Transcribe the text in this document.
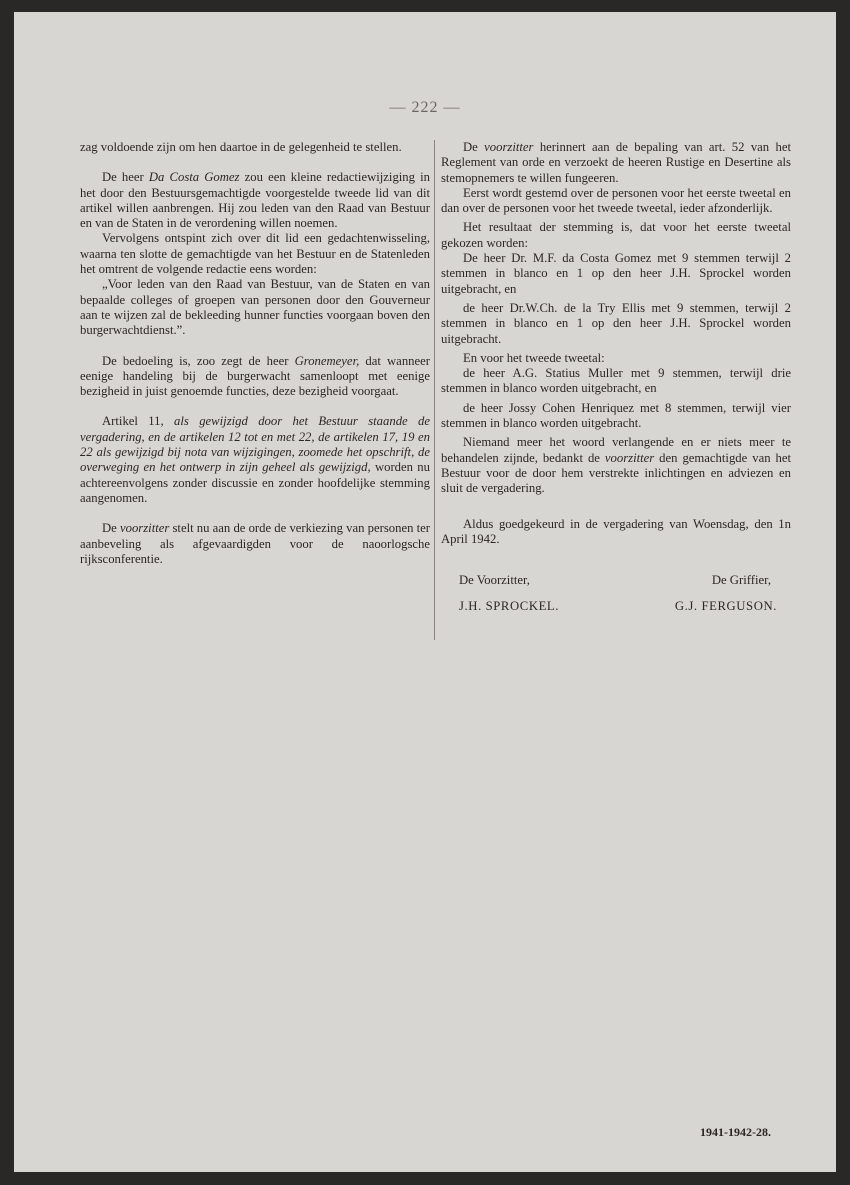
— 222 —

zag voldoende zijn om hen daartoe in de gelegenheid te stellen.

De heer Da Costa Gomez zou een kleine redactiewijziging in het door den Bestuursgemachtigde voorgestelde tweede lid van dit artikel willen aanbrengen. Hij zou leden van den Raad van Bestuur en van de Staten in de verordening willen noemen.

Vervolgens ontspint zich over dit lid een gedachtenwisseling, waarna ten slotte de gemachtigde van het Bestuur en de Statenleden het omtrent de volgende redactie eens worden:

„Voor leden van den Raad van Bestuur, van de Staten en van bepaalde colleges of groepen van personen door den Gouverneur aan te wijzen zal de bekleeding hunner functies voorgaan boven den burgerwachtdienst.”.

De bedoeling is, zoo zegt de heer Gronemeyer, dat wanneer eenige handeling bij de burgerwacht samenloopt met eenige bezigheid in juist genoemde functies, deze bezigheid voorgaat.

Artikel 11, als gewijzigd door het Bestuur staande de vergadering, en de artikelen 12 tot en met 22, de artikelen 17, 19 en 22 als gewijzigd bij nota van wijzigingen, zoomede het opschrift, de overweging en het ontwerp in zijn geheel als gewijzigd, worden nu achtereenvolgens zonder discussie en zonder hoofdelijke stemming aangenomen.

De voorzitter stelt nu aan de orde de verkiezing van personen ter aanbeveling als afgevaardigden voor de naoorlogsche rijksconferentie.

De voorzitter herinnert aan de bepaling van art. 52 van het Reglement van orde en verzoekt de heeren Rustige en Desertine als stemopnemers te willen fungeeren.

Eerst wordt gestemd over de personen voor het eerste tweetal en dan over de personen voor het tweede tweetal, ieder afzonderlijk.

Het resultaat der stemming is, dat voor het eerste tweetal gekozen worden:

De heer Dr. M.F. da Costa Gomez met 9 stemmen terwijl 2 stemmen in blanco en 1 op den heer J.H. Sprockel worden uitgebracht, en

de heer Dr.W.Ch. de la Try Ellis met 9 stemmen, terwijl 2 stemmen in blanco en 1 op den heer J.H. Sprockel worden uitgebracht.

En voor het tweede tweetal:

de heer A.G. Statius Muller met 9 stemmen, terwijl drie stemmen in blanco worden uitgebracht, en

de heer Jossy Cohen Henriquez met 8 stemmen, terwijl vier stemmen in blanco worden uitgebracht.

Niemand meer het woord verlangende en er niets meer te behandelen zijnde, bedankt de voorzitter den gemachtigde van het Bestuur voor de door hem verstrekte inlichtingen en adviezen en sluit de vergadering.

Aldus goedgekeurd in de vergadering van Woensdag, den 1n April 1942.

De Voorzitter,	De Griffier,
J.H. SPROCKEL.	G.J. FERGUSON.

1941-1942-28.
